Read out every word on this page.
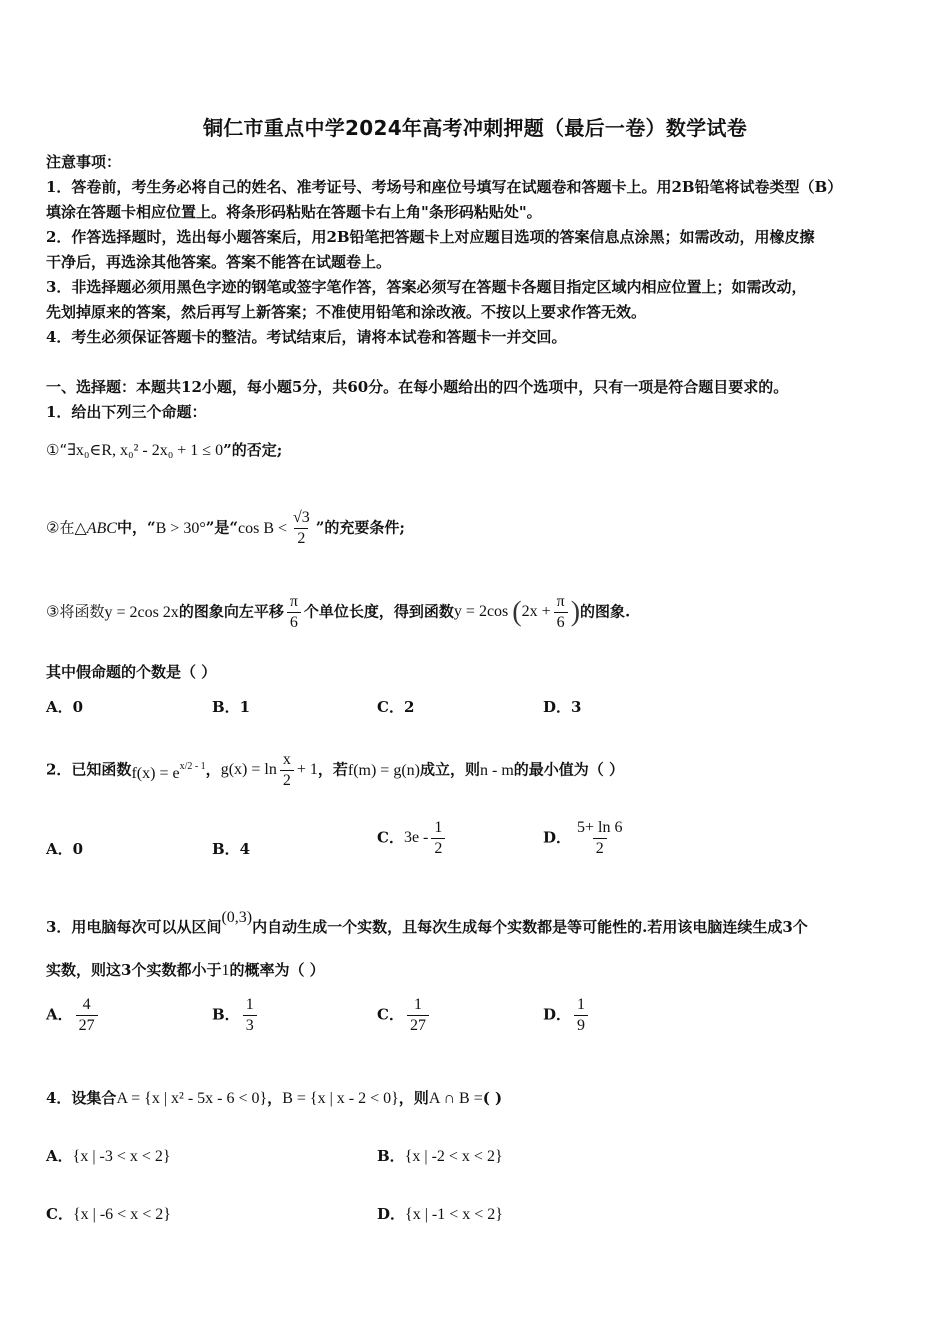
铜仁市重点中学2024年高考冲刺押题（最后一卷）数学试卷
注意事项：
1．答卷前，考生务必将自己的姓名、准考证号、考场号和座位号填写在试题卷和答题卡上。用2B铅笔将试卷类型（B）
填涂在答题卡相应位置上。将条形码粘贴在答题卡右上角"条形码粘贴处"。
2．作答选择题时，选出每小题答案后，用2B铅笔把答题卡上对应题目选项的答案信息点涂黑；如需改动，用橡皮擦
干净后，再选涂其他答案。答案不能答在试题卷上。
3．非选择题必须用黑色字迹的钢笔或签字笔作答，答案必须写在答题卡各题目指定区域内相应位置上；如需改动，
先划掉原来的答案，然后再写上新答案；不准使用铅笔和涂改液。不按以上要求作答无效。
4．考生必须保证答题卡的整洁。考试结束后，请将本试卷和答题卡一并交回。
一、选择题：本题共12小题，每小题5分，共60分。在每小题给出的四个选项中，只有一项是符合题目要求的。
1．给出下列三个命题：
①“∃x₀∈R, x₀² - 2x₀ + 1 ≤ 0”的否定;
②在△ABC中，“B > 30°”是“cos $B < \frac{√3}{2}$ ”的充要条件;
③将函数y = 2cos 2x的图象向左平移 $\frac{\pi}{6}$ 个单位长度，得到函数y = 2cos ($2x + \frac{\pi}{6}$ )的图象.
其中假命题的个数是（ ）
A．0	B．1	C．2	D．3
2．已知函数$f(x) = e^{x/2 - 1}$，$g(x) = \ln \frac{x}{2} + 1$，若f(m) = g(n)成立，则n - m的最小值为（ ）
A．0	B．4
C．$3e - \frac{1}{2}$	D． $\frac{5+ \ln 6}{2}$
3．用电脑每次可以从区间(0,3)内自动生成一个实数，且每次生成每个实数都是等可能性的.若用该电脑连续生成3个
实数，则这3个实数都小于1的概率为（ ）
A． $\frac{4}{27}$	B． $\frac{1}{3}$	C． $\frac{1}{27}$	D． $\frac{1}{9}$
4．设集合A = {x | x² - 5x - 6 < 0}，B = {x | x - 2 < 0}，则A ∩ B =( )
A．{x | -3 < x < 2}	B．{x | -2 < x < 2}
C．{x | -6 < x < 2}	D．{x | -1 < x < 2}
